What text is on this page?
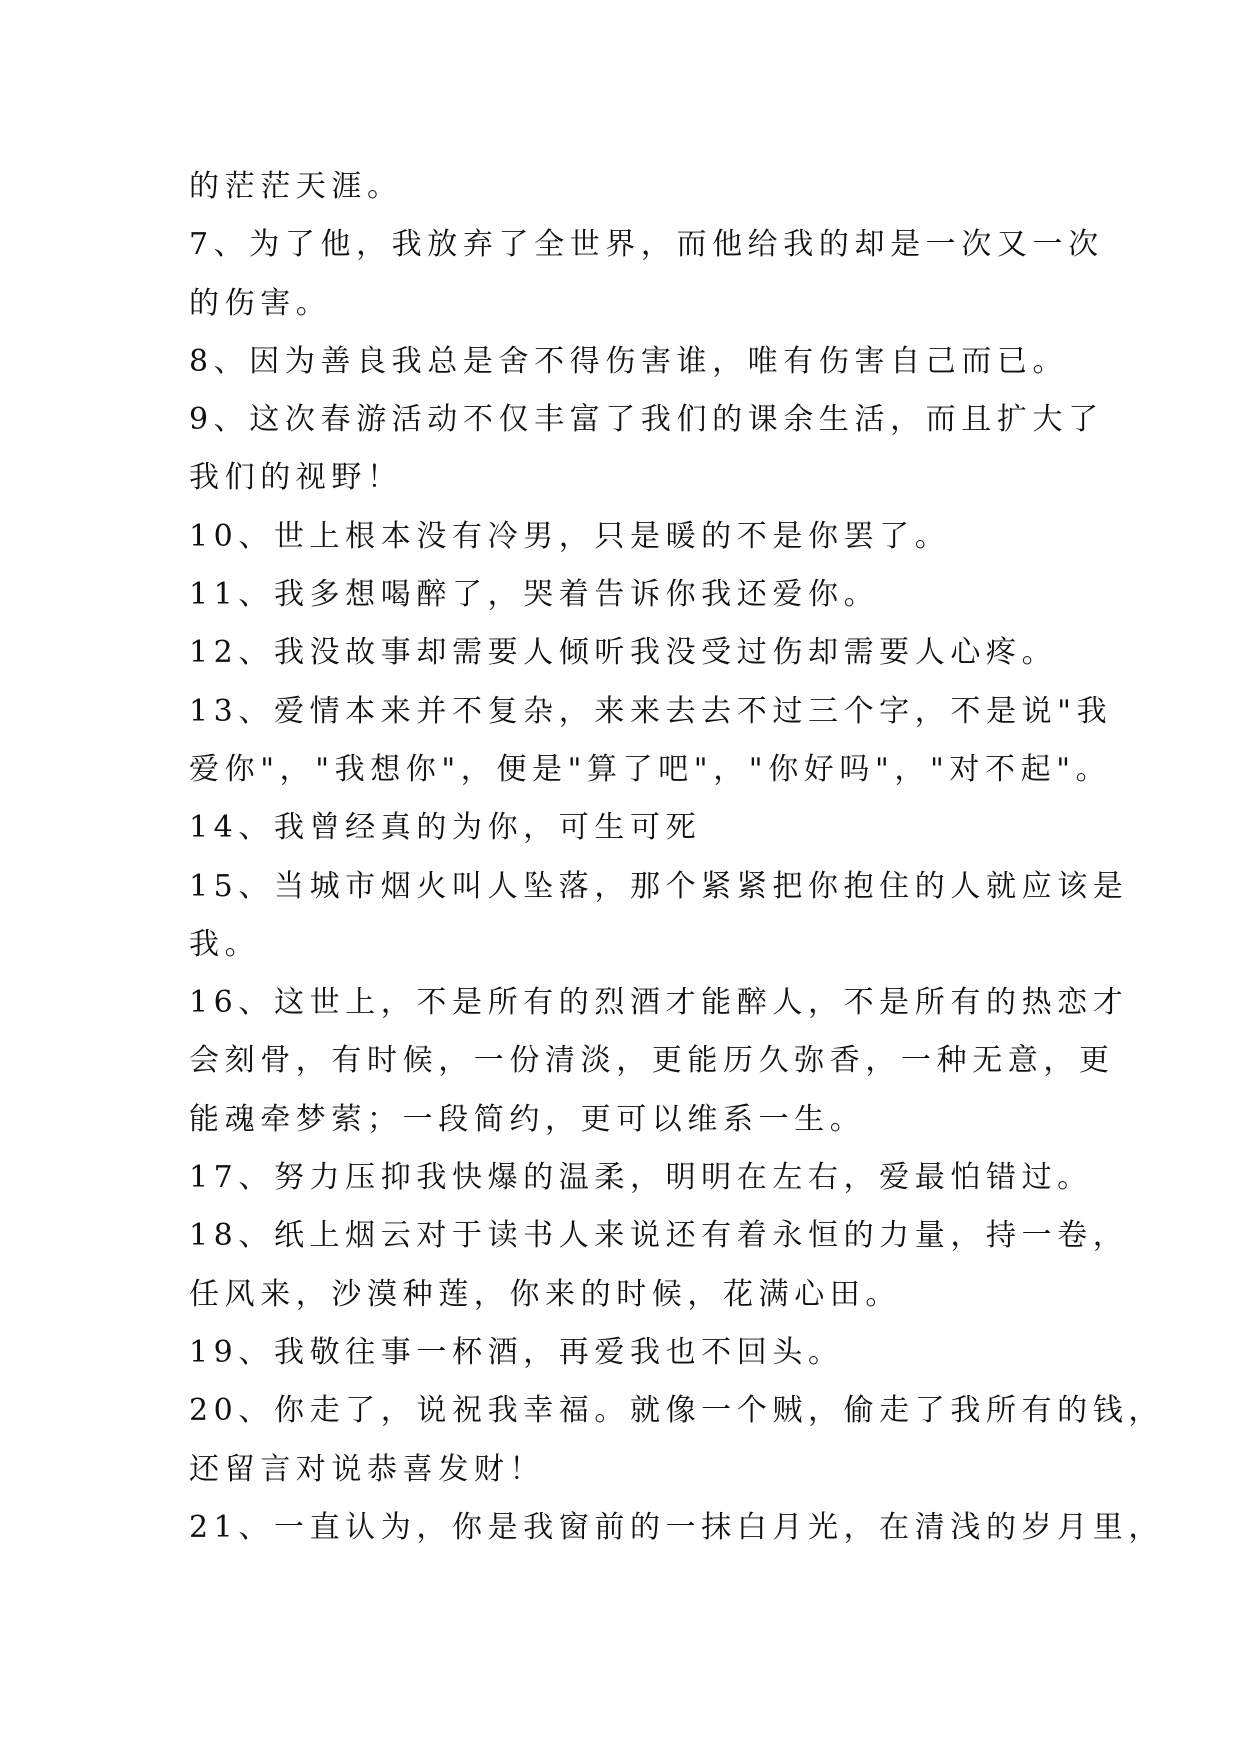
的茫茫天涯。
7、为了他，我放弃了全世界，而他给我的却是一次又一次
的伤害。
8、因为善良我总是舍不得伤害谁，唯有伤害自己而已。
9、这次春游活动不仅丰富了我们的课余生活，而且扩大了
我们的视野！
10、世上根本没有冷男，只是暖的不是你罢了。
11、我多想喝醉了，哭着告诉你我还爱你。
12、我没故事却需要人倾听我没受过伤却需要人心疼。
13、爱情本来并不复杂，来来去去不过三个字，不是说"我
爱你"，"我想你"，便是"算了吧"，"你好吗"，"对不起"。
14、我曾经真的为你，可生可死
15、当城市烟火叫人坠落，那个紧紧把你抱住的人就应该是
我。
16、这世上，不是所有的烈酒才能醉人，不是所有的热恋才
会刻骨，有时候，一份清淡，更能历久弥香，一种无意，更
能魂牵梦萦；一段简约，更可以维系一生。
17、努力压抑我快爆的温柔，明明在左右，爱最怕错过。
18、纸上烟云对于读书人来说还有着永恒的力量，持一卷，
任风来，沙漠种莲，你来的时候，花满心田。
19、我敬往事一杯酒，再爱我也不回头。
20、你走了，说祝我幸福。就像一个贼，偷走了我所有的钱，
还留言对说恭喜发财！
21、一直认为，你是我窗前的一抹白月光，在清浅的岁月里，
